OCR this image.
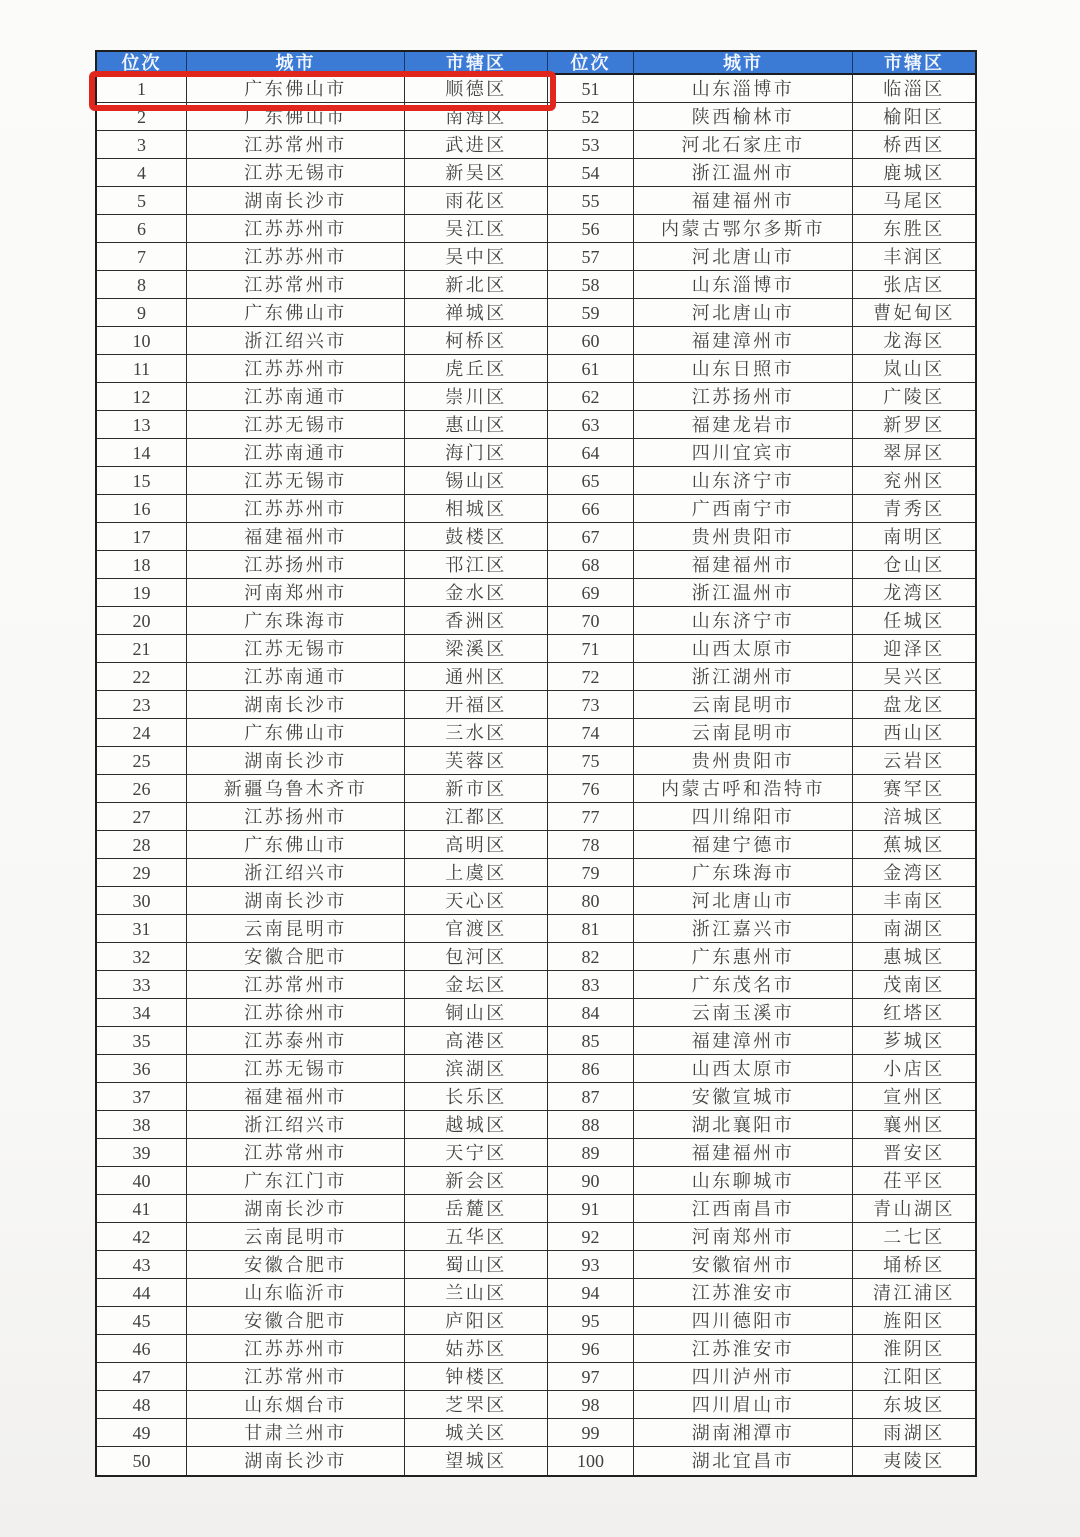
位次	城市	市辖区	位次	城市	市辖区
1	广东佛山市	顺德区	51	山东淄博市	临淄区
2	广东佛山市	南海区	52	陕西榆林市	榆阳区
3	江苏常州市	武进区	53	河北石家庄市	桥西区
4	江苏无锡市	新吴区	54	浙江温州市	鹿城区
5	湖南长沙市	雨花区	55	福建福州市	马尾区
6	江苏苏州市	吴江区	56	内蒙古鄂尔多斯市	东胜区
7	江苏苏州市	吴中区	57	河北唐山市	丰润区
8	江苏常州市	新北区	58	山东淄博市	张店区
9	广东佛山市	禅城区	59	河北唐山市	曹妃甸区
10	浙江绍兴市	柯桥区	60	福建漳州市	龙海区
11	江苏苏州市	虎丘区	61	山东日照市	岚山区
12	江苏南通市	崇川区	62	江苏扬州市	广陵区
13	江苏无锡市	惠山区	63	福建龙岩市	新罗区
14	江苏南通市	海门区	64	四川宜宾市	翠屏区
15	江苏无锡市	锡山区	65	山东济宁市	兖州区
16	江苏苏州市	相城区	66	广西南宁市	青秀区
17	福建福州市	鼓楼区	67	贵州贵阳市	南明区
18	江苏扬州市	邗江区	68	福建福州市	仓山区
19	河南郑州市	金水区	69	浙江温州市	龙湾区
20	广东珠海市	香洲区	70	山东济宁市	任城区
21	江苏无锡市	梁溪区	71	山西太原市	迎泽区
22	江苏南通市	通州区	72	浙江湖州市	吴兴区
23	湖南长沙市	开福区	73	云南昆明市	盘龙区
24	广东佛山市	三水区	74	云南昆明市	西山区
25	湖南长沙市	芙蓉区	75	贵州贵阳市	云岩区
26	新疆乌鲁木齐市	新市区	76	内蒙古呼和浩特市	赛罕区
27	江苏扬州市	江都区	77	四川绵阳市	涪城区
28	广东佛山市	高明区	78	福建宁德市	蕉城区
29	浙江绍兴市	上虞区	79	广东珠海市	金湾区
30	湖南长沙市	天心区	80	河北唐山市	丰南区
31	云南昆明市	官渡区	81	浙江嘉兴市	南湖区
32	安徽合肥市	包河区	82	广东惠州市	惠城区
33	江苏常州市	金坛区	83	广东茂名市	茂南区
34	江苏徐州市	铜山区	84	云南玉溪市	红塔区
35	江苏泰州市	高港区	85	福建漳州市	芗城区
36	江苏无锡市	滨湖区	86	山西太原市	小店区
37	福建福州市	长乐区	87	安徽宣城市	宣州区
38	浙江绍兴市	越城区	88	湖北襄阳市	襄州区
39	江苏常州市	天宁区	89	福建福州市	晋安区
40	广东江门市	新会区	90	山东聊城市	茌平区
41	湖南长沙市	岳麓区	91	江西南昌市	青山湖区
42	云南昆明市	五华区	92	河南郑州市	二七区
43	安徽合肥市	蜀山区	93	安徽宿州市	埇桥区
44	山东临沂市	兰山区	94	江苏淮安市	清江浦区
45	安徽合肥市	庐阳区	95	四川德阳市	旌阳区
46	江苏苏州市	姑苏区	96	江苏淮安市	淮阴区
47	江苏常州市	钟楼区	97	四川泸州市	江阳区
48	山东烟台市	芝罘区	98	四川眉山市	东坡区
49	甘肃兰州市	城关区	99	湖南湘潭市	雨湖区
50	湖南长沙市	望城区	100	湖北宜昌市	夷陵区
